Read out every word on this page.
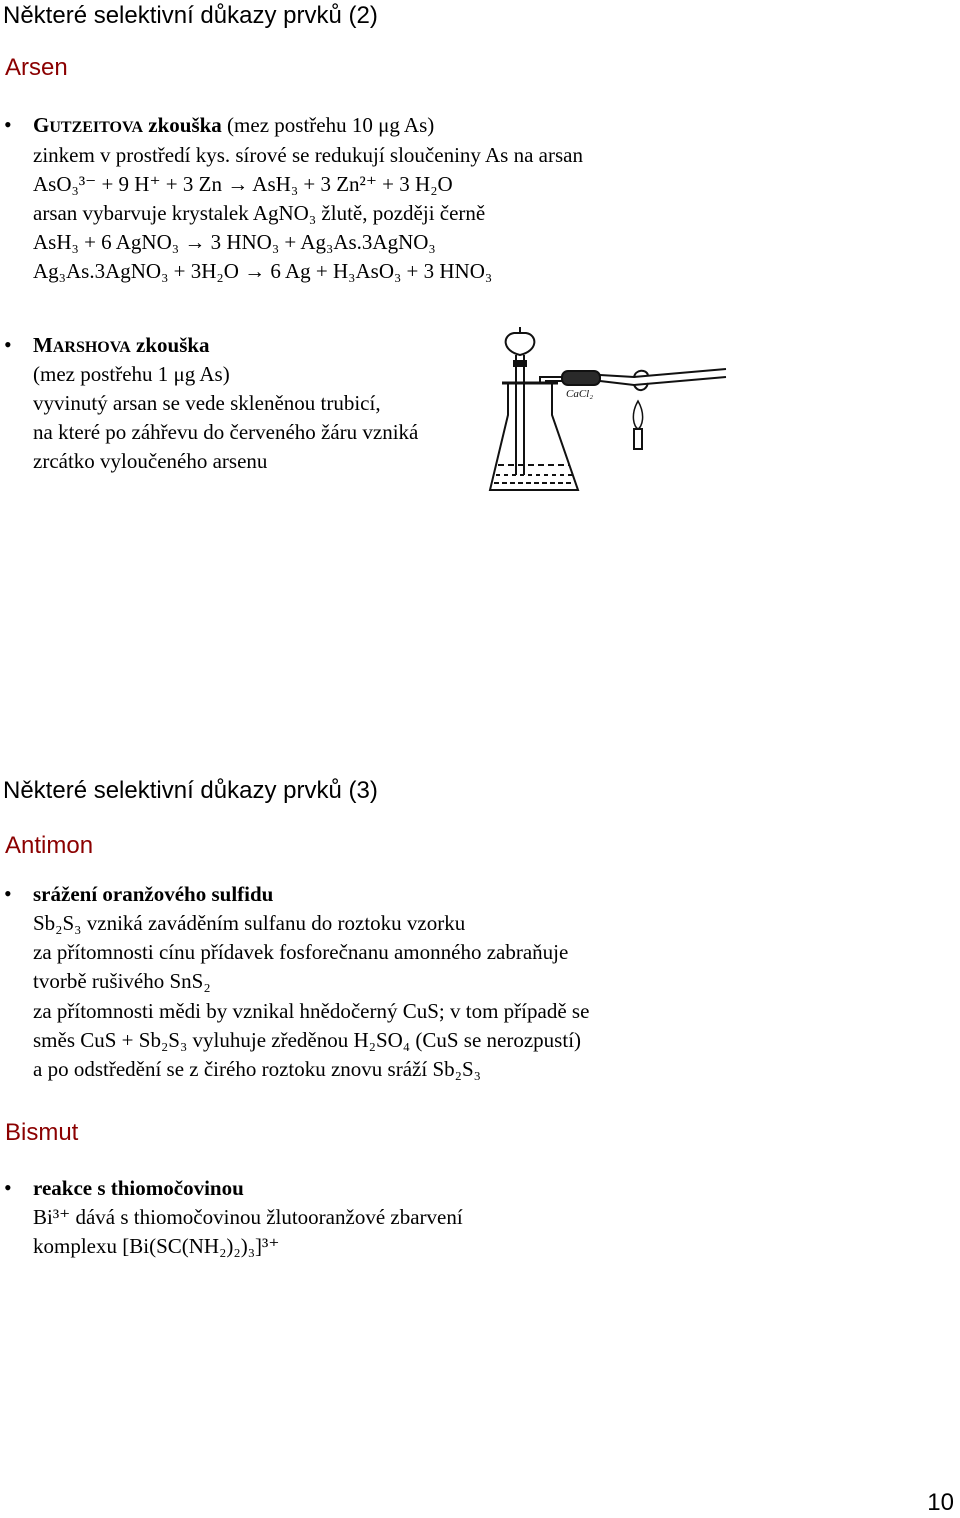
Některé selektivní důkazy prvků (2)
Arsen
• GUTZEITOVA zkouška (mez postřehu 10 μg As)
zinkem v prostředí kys. sírové se redukují sloučeniny As na arsan
AsO₃³⁻ + 9 H⁺ + 3 Zn → AsH₃ + 3 Zn²⁺ + 3 H₂O
arsan vybarvuje krystalek AgNO₃ žlutě, později černě
AsH₃ + 6 AgNO₃ → 3 HNO₃ + Ag₃As.3AgNO₃
Ag₃As.3AgNO₃ + 3H₂O → 6 Ag + H₃AsO₃ + 3 HNO₃
• MARSHOVA zkouška
(mez postřehu 1 μg As)
vyvinutý arsan se vede skleněnou trubicí,
na které po záhřevu do červeného žáru vzniká
zrcátko vyloučeného arsenu
CaCl₂
Některé selektivní důkazy prvků (3)
Antimon
• srážení oranžového sulfidu
Sb₂S₃ vzniká zaváděním sulfanu do roztoku vzorku
za přítomnosti cínu přídavek fosforečnanu amonného zabraňuje
tvorbě rušivého SnS₂
za přítomnosti mědi by vznikal hnědočerný CuS; v tom případě se
směs CuS + Sb₂S₃ vyluhuje zředěnou H₂SO₄ (CuS se nerozpustí)
a po odstředění se z čirého roztoku znovu sráží Sb₂S₃
Bismut
• reakce s thiomočovinou
Bi³⁺ dává s thiomočovinou žlutooranžové zbarvení
komplexu [Bi(SC(NH₂)₂)₃]³⁺
10
